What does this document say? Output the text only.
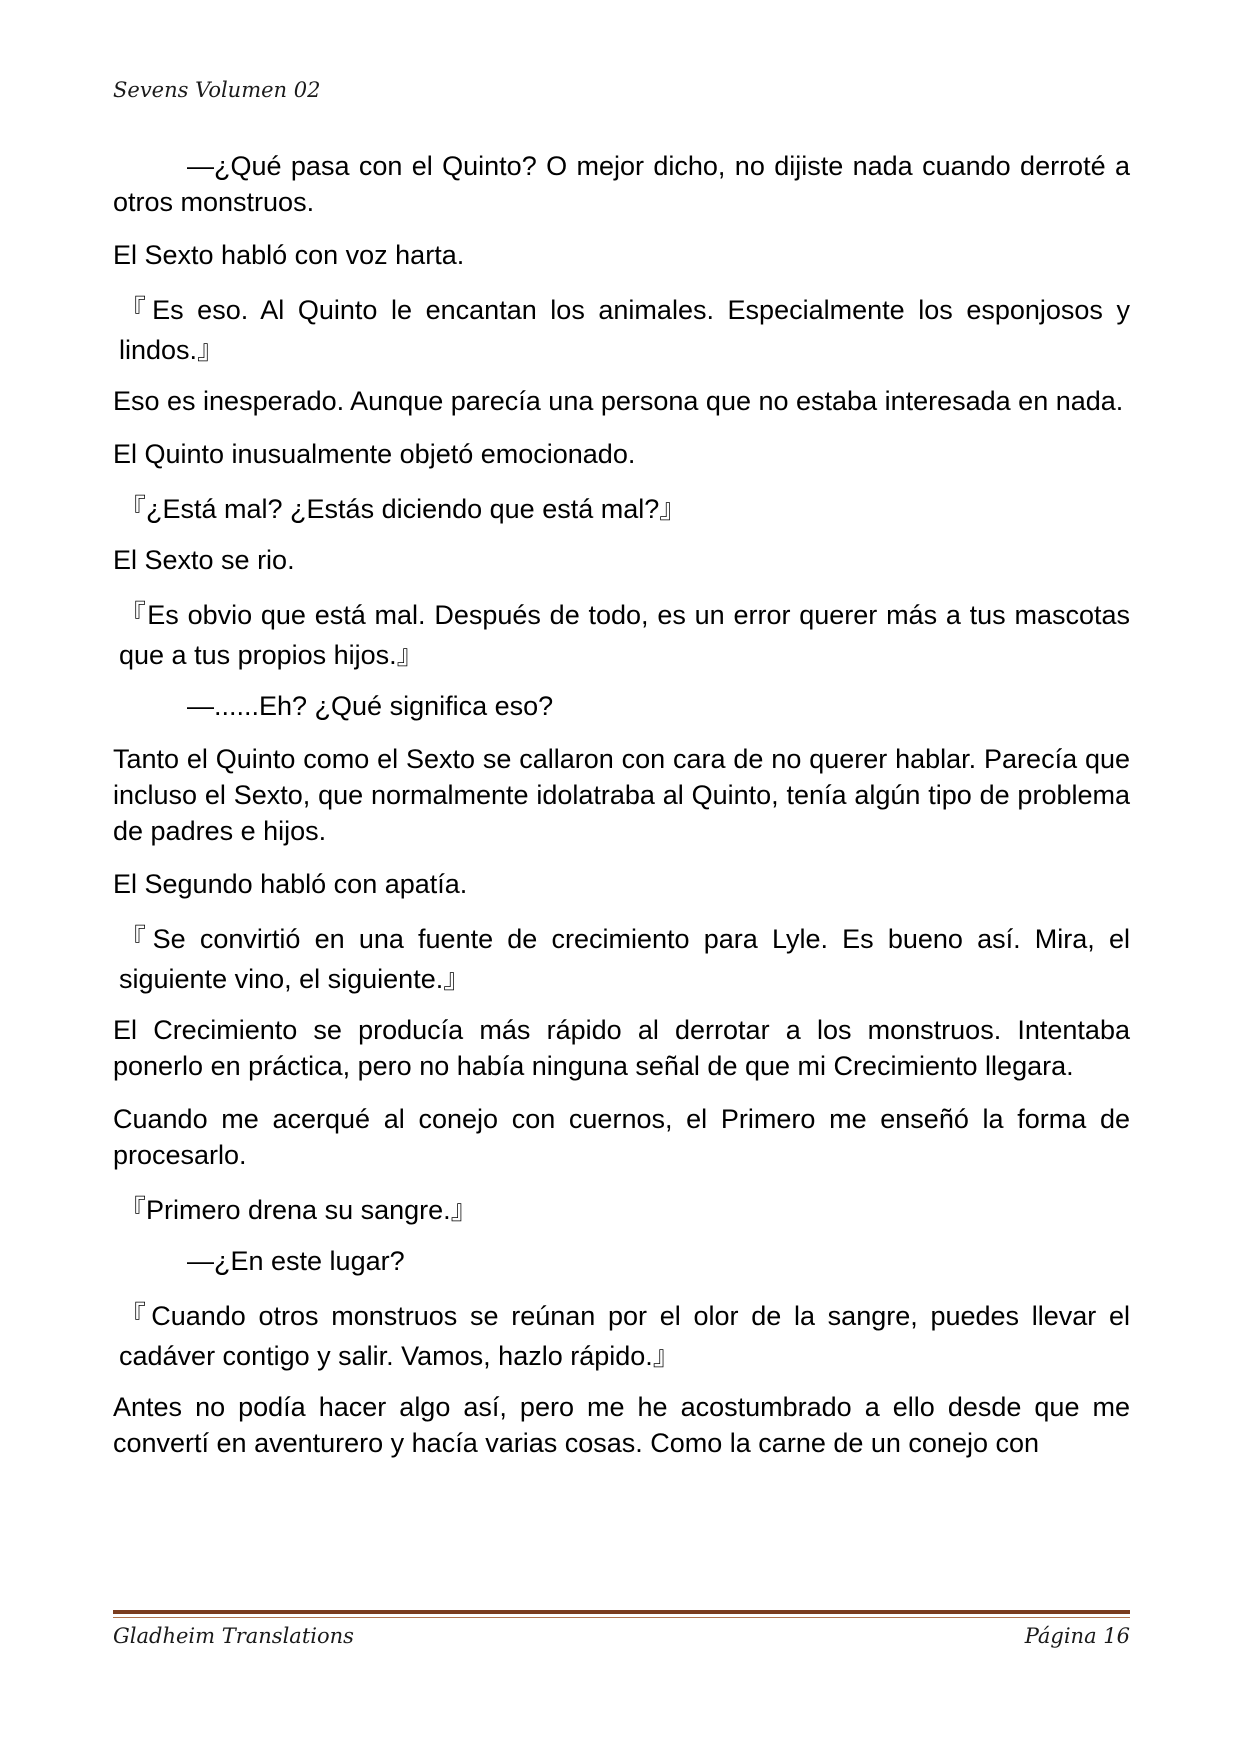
Sevens Volumen 02

—¿Qué pasa con el Quinto? O mejor dicho, no dijiste nada cuando derroté a otros monstruos.

El Sexto habló con voz harta.

『Es eso. Al Quinto le encantan los animales. Especialmente los esponjosos y lindos.』

Eso es inesperado. Aunque parecía una persona que no estaba interesada en nada.

El Quinto inusualmente objetó emocionado.

『¿Está mal? ¿Estás diciendo que está mal?』

El Sexto se rio.

『Es obvio que está mal. Después de todo, es un error querer más a tus mascotas que a tus propios hijos.』

—......Eh? ¿Qué significa eso?

Tanto el Quinto como el Sexto se callaron con cara de no querer hablar. Parecía que incluso el Sexto, que normalmente idolatraba al Quinto, tenía algún tipo de problema de padres e hijos.

El Segundo habló con apatía.

『Se convirtió en una fuente de crecimiento para Lyle. Es bueno así. Mira, el siguiente vino, el siguiente.』

El Crecimiento se producía más rápido al derrotar a los monstruos. Intentaba ponerlo en práctica, pero no había ninguna señal de que mi Crecimiento llegara.

Cuando me acerqué al conejo con cuernos, el Primero me enseñó la forma de procesarlo.

『Primero drena su sangre.』

—¿En este lugar?

『Cuando otros monstruos se reúnan por el olor de la sangre, puedes llevar el cadáver contigo y salir. Vamos, hazlo rápido.』

Antes no podía hacer algo así, pero me he acostumbrado a ello desde que me convertí en aventurero y hacía varias cosas. Como la carne de un conejo con

Gladheim Translations	Página 16
